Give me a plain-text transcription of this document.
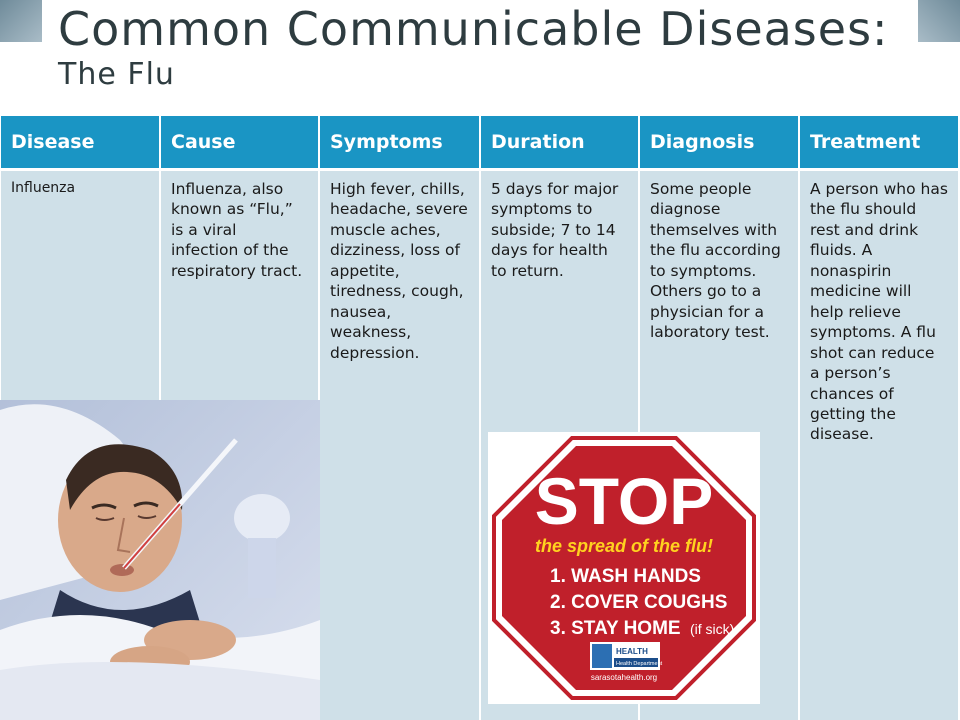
Common Communicable Diseases:
The Flu
Disease	Cause	Symptoms	Duration	Diagnosis	Treatment
Influenza	Influenza, also known as “Flu,” is a viral infection of the respiratory tract.	High fever, chills, headache, severe muscle aches, dizziness, loss of appetite, tiredness, cough, nausea, weakness, depression.	5 days for major symptoms to subside; 7 to 14 days for health to return.	Some people diagnose themselves with the flu according to symptoms. Others go to a physician for a laboratory test.	A person who has the flu should rest and drink fluids. A nonaspirin medicine will help relieve symptoms. A flu shot can reduce a person’s chances of getting the disease.
STOP
the spread of the flu!
1. WASH HANDS
2. COVER COUGHS
3. STAY HOME (if sick)
HEALTH
Health Department
sarasotahealth.org
